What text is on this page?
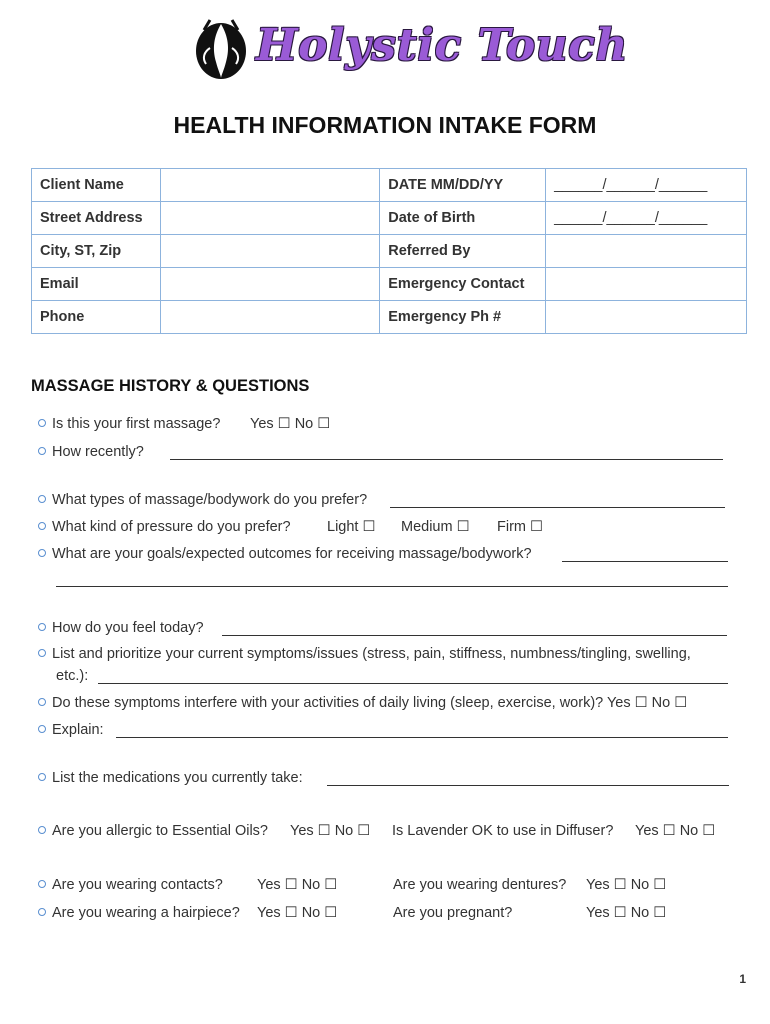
Holystic Touch
HEALTH INFORMATION INTAKE FORM
Client Name		DATE MM/DD/YY	______/______/______
Street Address		Date of Birth	______/______/______
City, ST, Zip		Referred By	
Email		Emergency Contact	
Phone		Emergency Ph #	
MASSAGE HISTORY & QUESTIONS
Is this your first massage? Yes ☐ No ☐
How recently?
What types of massage/bodywork do you prefer?
What kind of pressure do you prefer?	Light ☐ Medium ☐ Firm ☐
What are your goals/expected outcomes for receiving massage/bodywork?
How do you feel today?
List and prioritize your current symptoms/issues (stress, pain, stiffness, numbness/tingling, swelling,
etc.):
Do these symptoms interfere with your activities of daily living (sleep, exercise, work)? Yes ☐ No ☐
Explain:
List the medications you currently take:
Are you allergic to Essential Oils? Yes ☐ No ☐ Is Lavender OK to use in Diffuser? Yes ☐ No ☐
Are you wearing contacts? Yes ☐ No ☐	Are you wearing dentures? Yes ☐ No ☐
Are you wearing a hairpiece? Yes ☐ No ☐	Are you pregnant?	Yes ☐ No ☐
1
